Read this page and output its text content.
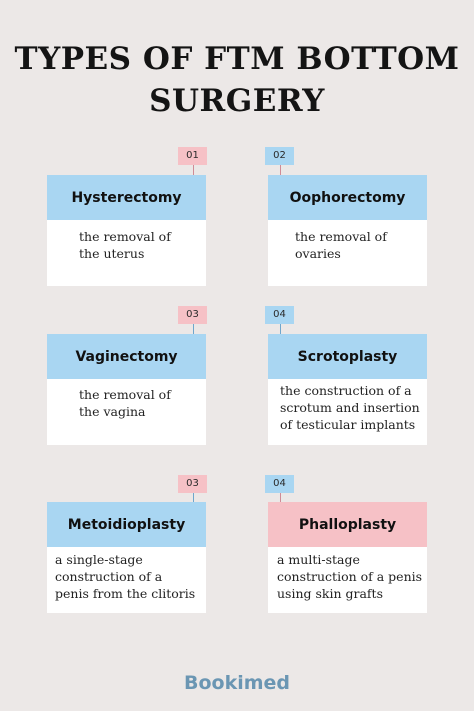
TYPES OF FTM BOTTOM
SURGERY
01
Hysterectomy
the removal of
the uterus
02
Oophorectomy
the removal of
ovaries
03
Vaginectomy
the removal of
the vagina
04
Scrotoplasty
the construction of a
scrotum and insertion
of testicular implants
03
Metoidioplasty
a single-stage
construction of a
penis from the clitoris
04
Phalloplasty
a multi-stage
construction of a penis
using skin grafts
Bookimed
